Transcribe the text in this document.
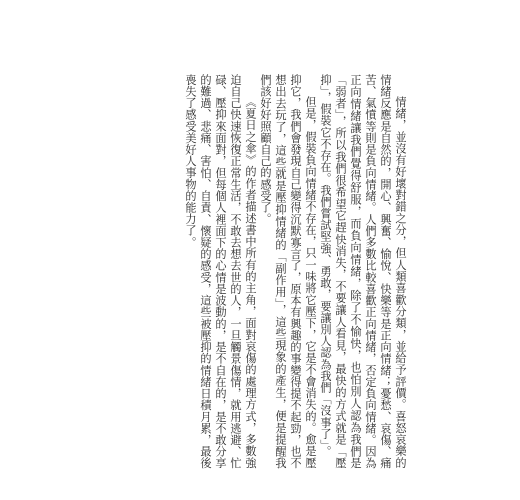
情緒，並沒有好壞對錯之分，但人類喜歡分類，並給予評價。喜怒哀樂的情緒反應是自然的，開心、興奮、愉悅、快樂等是正向情緒；憂愁、哀傷、痛苦、氣憤等則是負向情緒。人們多數比較喜歡正向情緒，否定負向情緒。因為正向情緒讓我們覺得舒服，而負向情緒，除了不愉快，也怕別人認為我們是「弱者」，所以我們很希望它趕快消失，不要讓人看見，最快的方式就是「壓抑」，假裝它不存在。我們嘗試堅強、勇敢，要讓別人認為我們「沒事了」。

但是，假裝負向情緒不存在，只一味將它壓下，它是不會消失的。愈是壓抑它，我們會發現自己變得沉默寡言了，原本有興趣的事變得提不起勁，也不想出去玩了，這些就是壓抑情緒的「副作用」，這些現象的產生，便是提醒我們該好好照顧自己的感受了。

《夏日之傘》的作者描述書中所有的主角，面對哀傷的處理方式，多數強迫自己快速恢復正常生活，不敢去想去世的人，一旦觸景傷情，就用逃避、忙碌、壓抑來面對，但每個人裡面下的心情是波動的，是不自在的，是不敢分享的難過、悲痛、害怕、自責、懷疑的感受，這些被壓抑的情緒日積月累，最後喪失了感受美好人事物的能力了。
